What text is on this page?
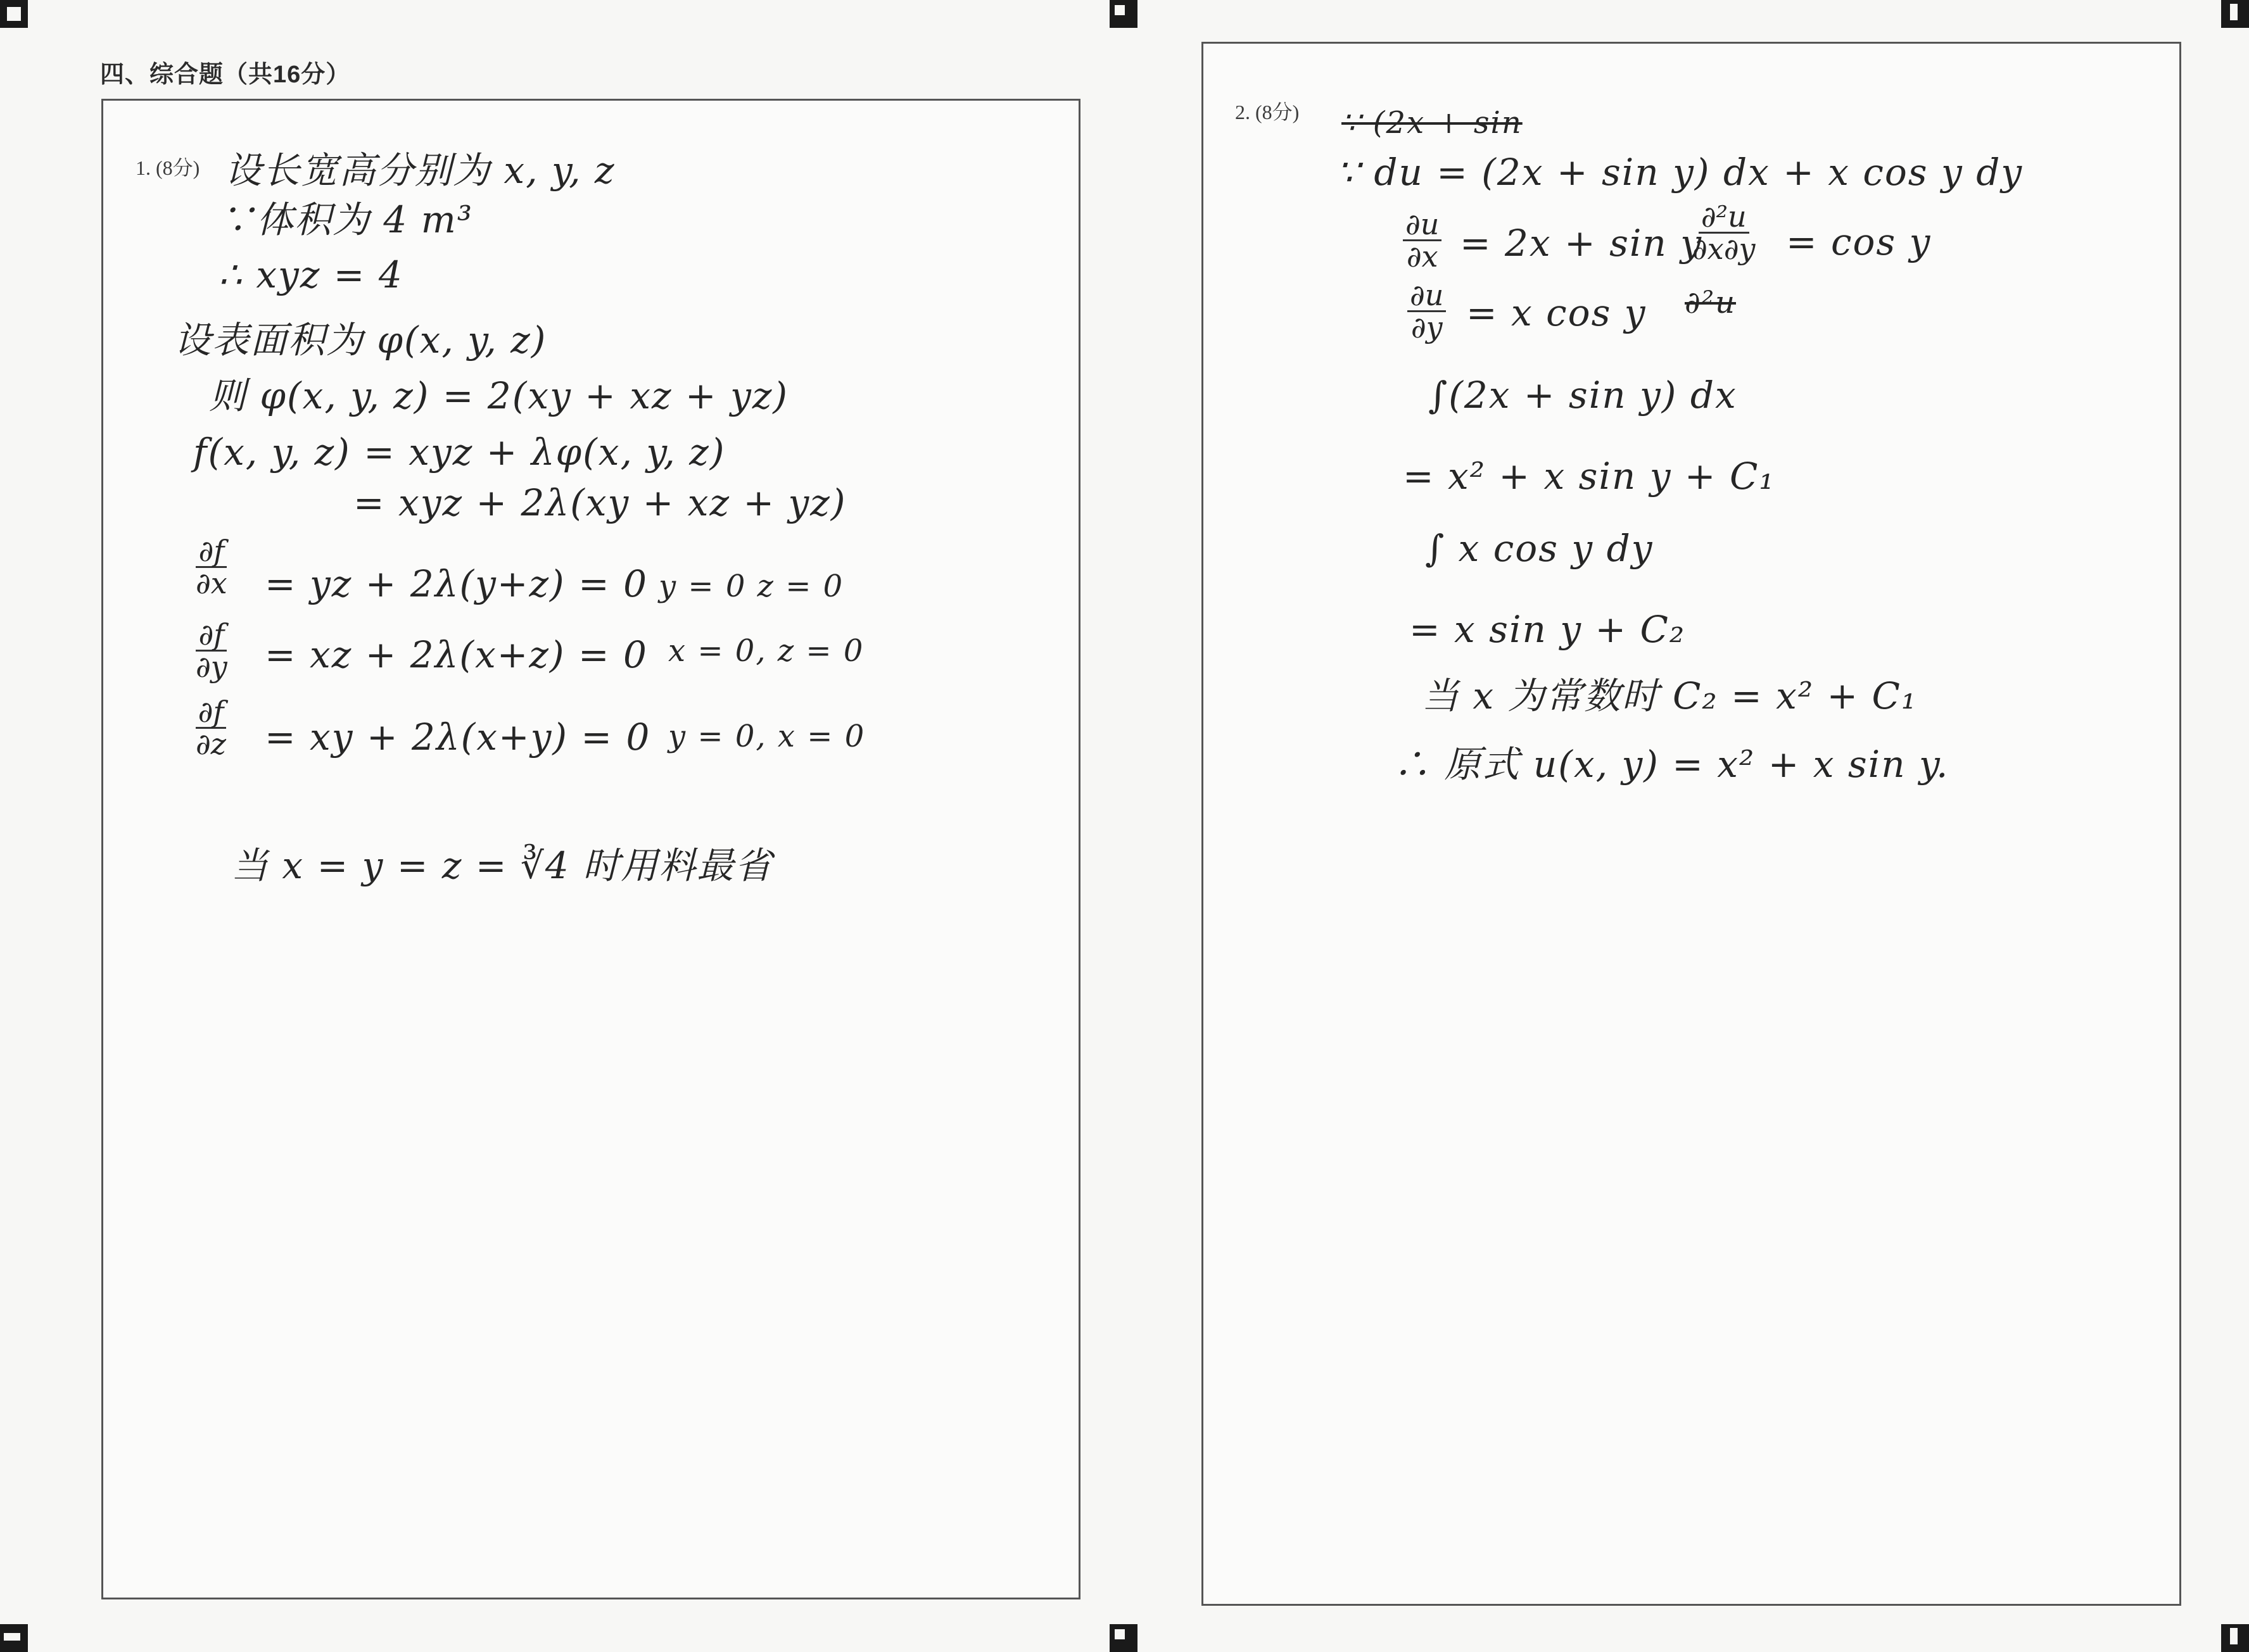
四、综合题（共16分）
1. (8分) 设长宽高分别为 x, y, z
∵体积为 4 m³
∴ xyz = 4
设表面积为 φ(x, y, z)
则 φ(x, y, z) = 2(xy + xz + yz)
f(x, y, z) = xyz + λφ(x, y, z)
= xyz + 2λ(xy + xz + yz)
$\frac{\partial f}{\partial x}$ = yz + 2λ(y+z) = 0 y = 0 z = 0
$\frac{\partial f}{\partial y}$ = xz + 2λ(x+z) = 0 x = 0, z = 0
$\frac{\partial f}{\partial z}$ = xy + 2λ(x+y) = 0 y = 0, x = 0
当 x = y = z = ∛4 时用料最省
2. (8分) ∵ (2x + sin
∵ du = (2x + sin y) dx + x cos y dy
$\frac{\partial u}{\partial x} = 2x + \sin y$
$\frac{\text{∂²u}}{\partial x\partial y} = \cos y$
$\frac{\partial u}{\partial y} = x$ cos y ∂²u
∫(2x + sin y) dx
= x² + x sin y + C₁
∫ x cos y dy
= x sin y + C₂
当 x 为常数时 C₂ = x² + C₁
∴ 原式 u(x, y) = x² + x sin y.
